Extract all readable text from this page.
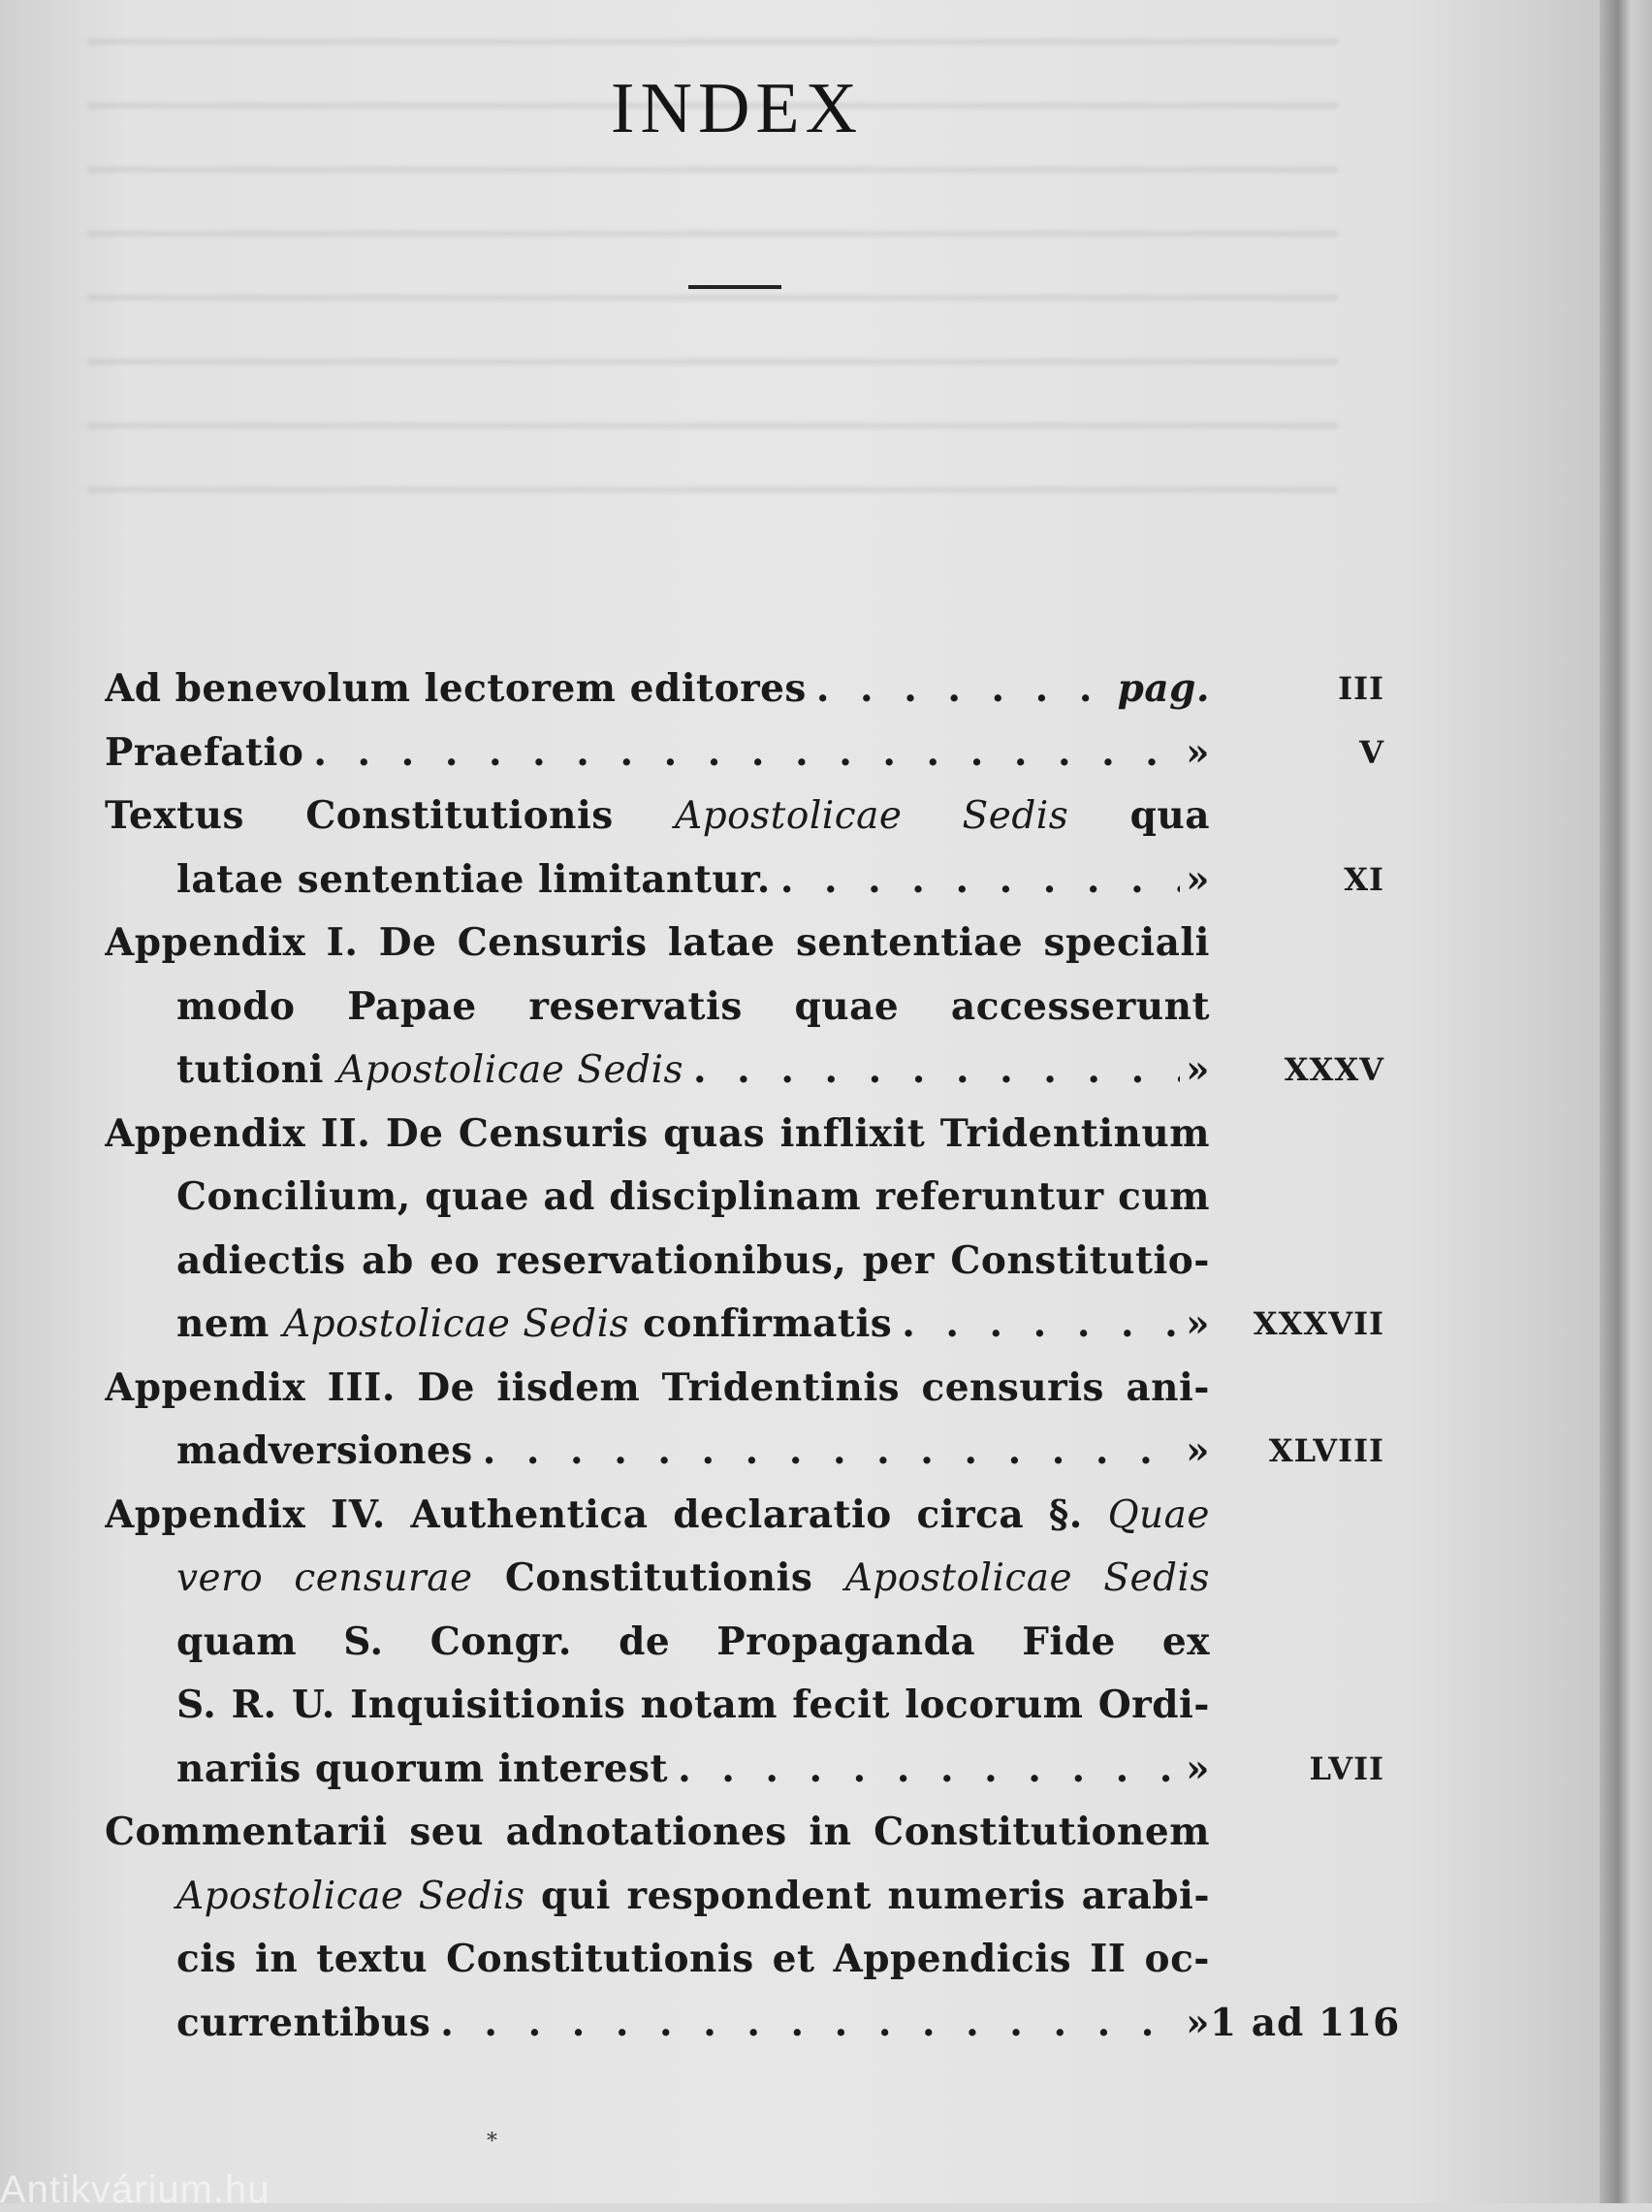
INDEX
Ad benevolum lectorem editores . . .	pag.	III
Praefatio . . .	»	V
Textus Constitutionis Apostolicae Sedis qua
latae sententiae limitantur. . . .	»	XI
Appendix I. De Censuris latae sententiae speciali
modo Papae reservatis quae accesserunt
tutioni Apostolicae Sedis . . .	»	XXXV
Appendix II. De Censuris quas inflixit Tridentinum
Concilium, quae ad disciplinam referuntur cum
adiectis ab eo reservationibus, per Constitutio-
nem Apostolicae Sedis confirmatis . . .	»	XXXVII
Appendix III. De iisdem Tridentinis censuris ani-
madversiones . . .	»	XLVIII
Appendix IV. Authentica declaratio circa §. Quae
vero censurae Constitutionis Apostolicae Sedis
quam S. Congr. de Propaganda Fide ex
S. R. U. Inquisitionis notam fecit locorum Ordi-
nariis quorum interest . . .	»	LVII
Commentarii seu adnotationes in Constitutionem
Apostolicae Sedis qui respondent numeris arabi-
cis in textu Constitutionis et Appendicis II oc-
currentibus . . .	» 1 ad 116
*
Antikvárium.hu
